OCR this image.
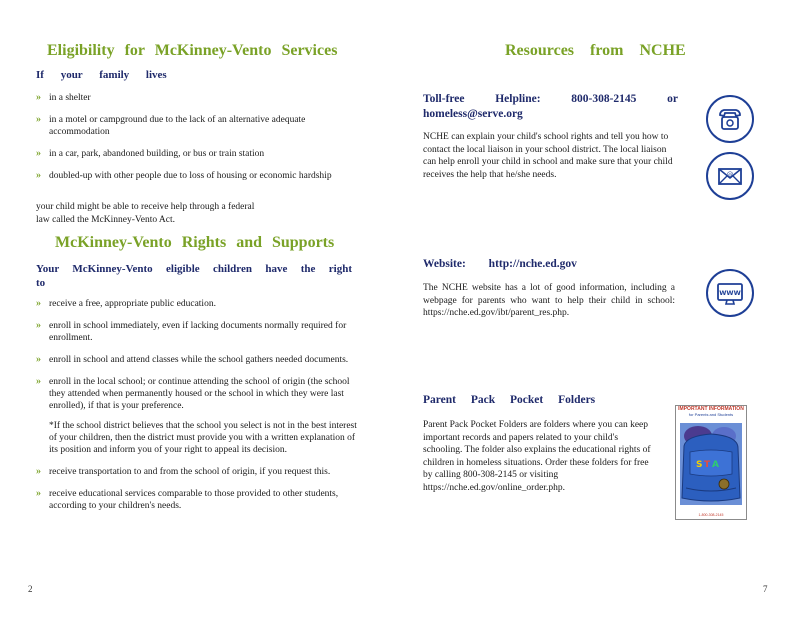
Eligibility for McKinney-Vento Services
If your family lives
» in a shelter
» in a motel or campground due to the lack of an alternative adequate accommodation
» in a car, park, abandoned building, or bus or train station
» doubled-up with other people due to loss of housing or economic hardship

your child might be able to receive help through a federal law called the McKinney-Vento Act.

McKinney-Vento Rights and Supports
Your McKinney-Vento eligible children have the right to
» receive a free, appropriate public education.
» enroll in school immediately, even if lacking documents normally required for enrollment.
» enroll in school and attend classes while the school gathers needed documents.
» enroll in the local school; or continue attending the school of origin (the school they attended when permanently housed or the school in which they were last enrolled), if that is your preference.
*If the school district believes that the school you select is not in the best interest of your children, then the district must provide you with a written explanation of its position and inform you of your right to appeal its decision.
» receive transportation to and from the school of origin, if you request this.
» receive educational services comparable to those provided to other students, according to your children's needs.
2
Resources from NCHE
Toll-free Helpline: 800-308-2145 or homeless@serve.org

NCHE can explain your child's school rights and tell you how to contact the local liaison in your school district. The local liaison can help enroll your child in school and make sure that your child receives the help that he/she needs.	@
Website: http://nche.ed.gov

The NCHE website has a lot of good information, including a webpage for parents who want to help their child in school: https://nche.ed.gov/ibt/parent_res.php.

WWW
Parent Pack Pocket Folders

Parent Pack Pocket Folders are folders where you can keep important records and papers related to your child's schooling. The folder also explains the educational rights of children in homeless situations. Order these folders for free by calling 800-308-2145 or visiting https://nche.ed.gov/online_order.php.

IMPORTANT INFORMATION
for Parents and Students
S T A
1-800-308-2145
7
